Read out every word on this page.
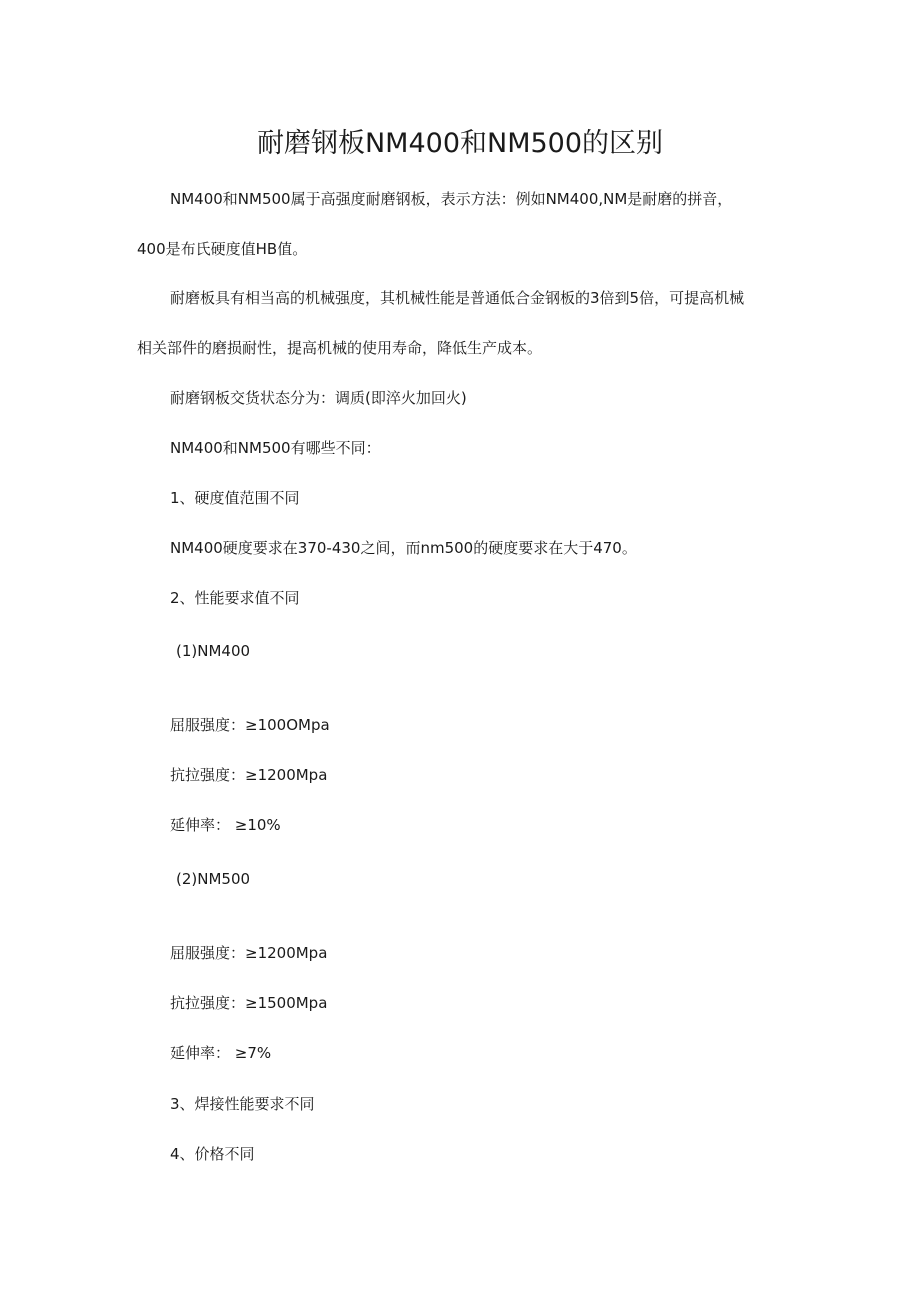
耐磨钢板NM400和NM500的区别

NM400和NM500属于高强度耐磨钢板，表示方法：例如NM400,NM是耐磨的拼音，

400是布氏硬度值HB值。

耐磨板具有相当高的机械强度，其机械性能是普通低合金钢板的3倍到5倍，可提高机械

相关部件的磨损耐性，提高机械的使用寿命，降低生产成本。

耐磨钢板交货状态分为：调质(即淬火加回火)

NM400和NM500有哪些不同：

1、硬度值范围不同

NM400硬度要求在370-430之间，而nm500的硬度要求在大于470。

2、性能要求值不同

(1)NM400

屈服强度：≥100OMpa

抗拉强度：≥1200Mpa

延伸率： ≥10%

(2)NM500

屈服强度：≥1200Mpa

抗拉强度：≥1500Mpa

延伸率： ≥7%

3、焊接性能要求不同

4、价格不同
